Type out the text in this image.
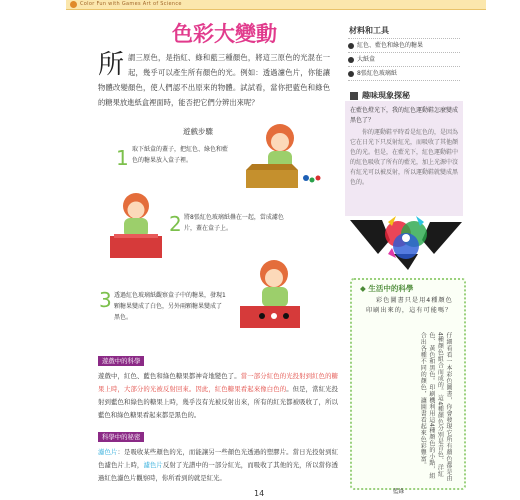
Color Fun with Games Art of Science
色彩大變動
所 謂三原色，是指紅、綠和藍三種顏色，將這三原色的光混在一起，幾乎可以產生所有顏色的光。例如：透過濾色片，你能讓物體改變顏色，使人們認不出原來的物體。試試看，當你把藍色和綠色的糖果放進紙盒裡面時，能否把它們分辨出來呢？
材料和工具
紅色、藍色和綠色的糖果
大紙盒
8張紅色玻璃紙
趣味現象探秘
在藍色燈光下，我的紅色運動鞋怎麼變成黑色了？
你的運動鞋平時看是紅色的，是因為它在日光下只反射紅光，而吸收了其他顏色的光。但是，在藍光下，紅色運動鞋中的紅色吸收了所有的藍光，加上光源中沒有紅光可以被反射，所以運動鞋就變成黑色的。
◆ 生活中的科學
彩色圖書只是用4種顏色印刷出來的，這有可能嗎？
仔細看看一本彩色圖書，你會發現它所有顏色都是由4種顏色組合而成的。這4種顏色分別是青色、洋紅色、黃色和黑色。印刷機利用這4種顏色的小點，組合出各種不同的顏色，讓圖書看起來色彩豐富。
藍綠
遊戲步驟
1 取下紙盒的蓋子，把紅色、綠色和藍色的糖果放入盒子裡。
2 將8張紅色玻璃紙疊在一起，當成濾色片，蓋在盒子上。
3 透過紅色玻璃紙觀察盒子中的糖果，發現1顆糖果變成了白色，另外兩顆糖果變成了黑色。
遊戲中的科學
遊戲中，紅色、藍色和綠色糖果都神奇地變色了。當一部分紅色的光投射到紅色的糖果上時，大部分的光被反射回來。因此，紅色糖果看起來像白色的。但是，當紅光投射到藍色和綠色的糖果上時，幾乎沒有光被反射出來，所有的紅光都被吸收了，所以藍色和綠色糖果看起來都是黑色的。
科學中的秘密
濾色片：是吸收某些顏色的光，而能讓另一些顏色光透過的塑膠片。當日光投射到紅色濾色片上時，濾色片反射了光譜中的一部分紅光，而吸收了其他的光，所以當你透過紅色濾色片觀察時，你所看到的就是紅光。
14
